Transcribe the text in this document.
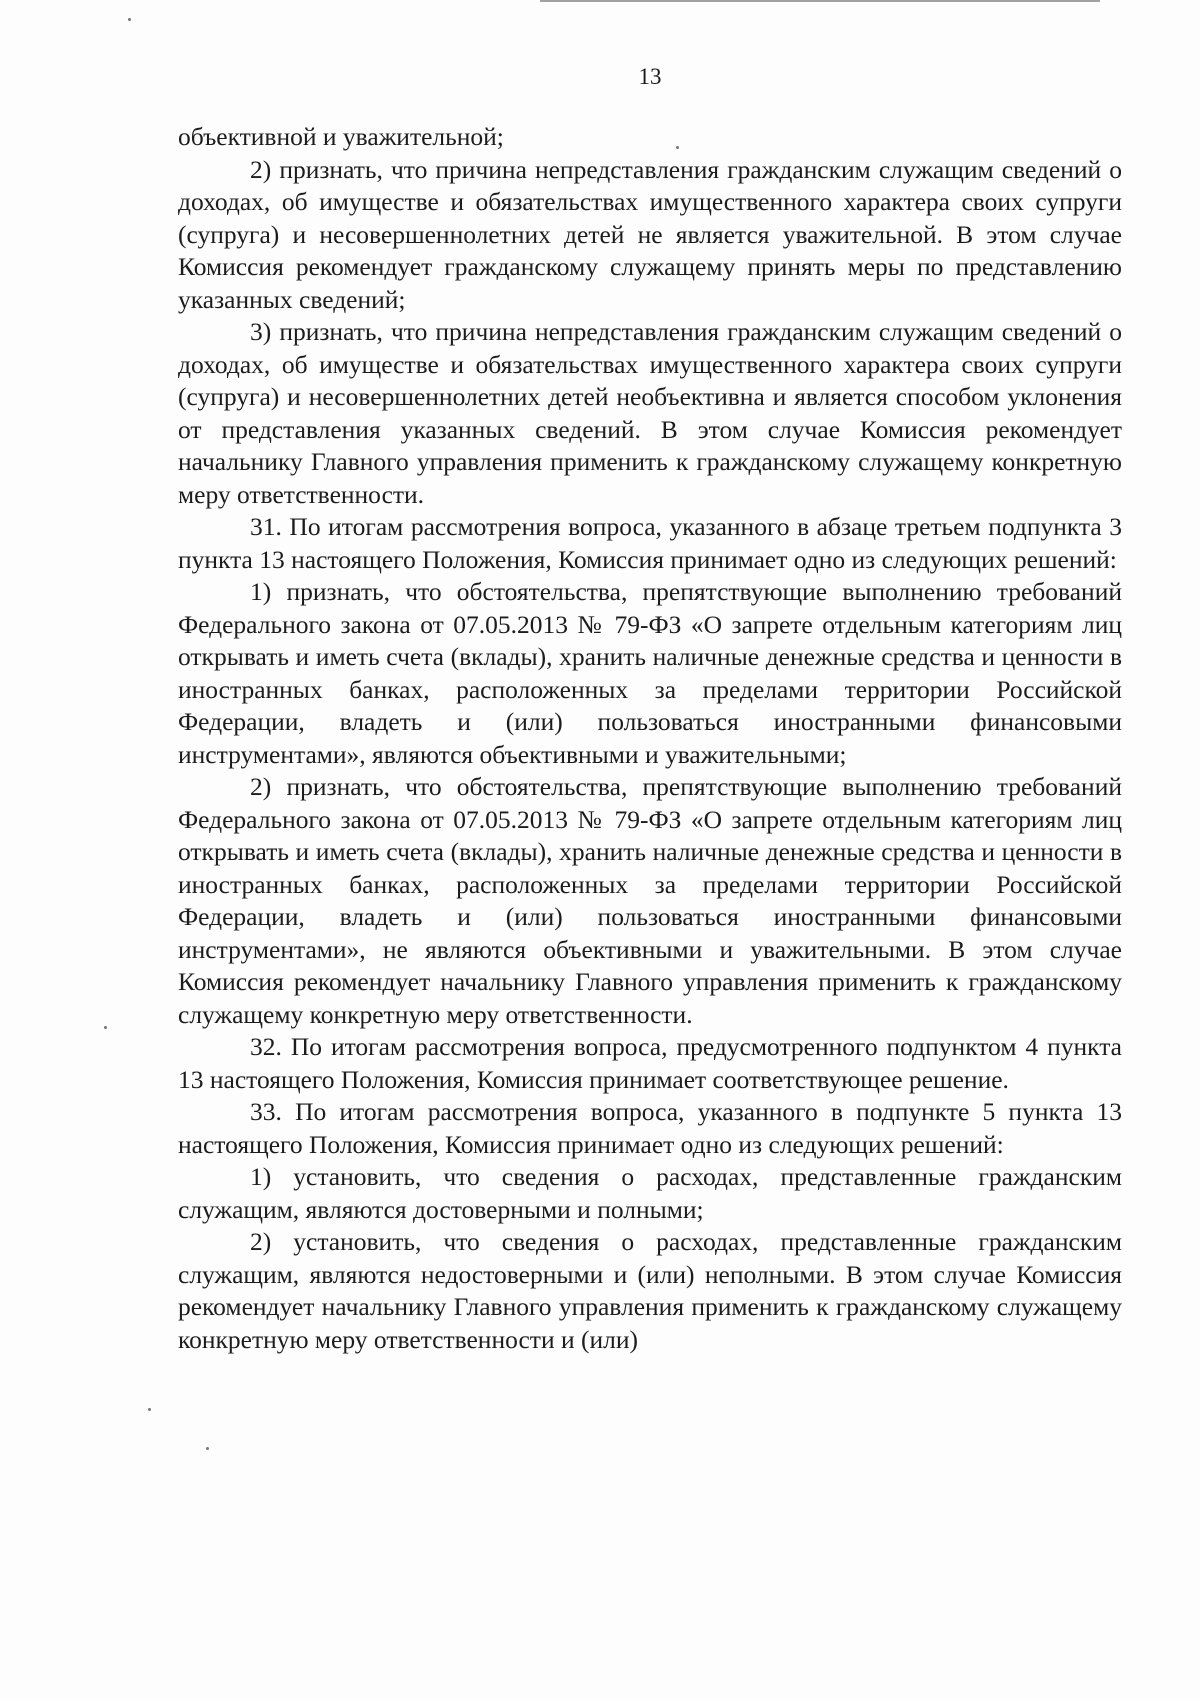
13

объективной и уважительной;

2) признать, что причина непредставления гражданским служащим сведений о доходах, об имуществе и обязательствах имущественного характера своих супруги (супруга) и несовершеннолетних детей не является уважительной. В этом случае Комиссия рекомендует гражданскому служащему принять меры по представлению указанных сведений;

3) признать, что причина непредставления гражданским служащим сведений о доходах, об имуществе и обязательствах имущественного характера своих супруги (супруга) и несовершеннолетних детей необъективна и является способом уклонения от представления указанных сведений. В этом случае Комиссия рекомендует начальнику Главного управления применить к гражданскому служащему конкретную меру ответственности.

31. По итогам рассмотрения вопроса, указанного в абзаце третьем подпункта 3 пункта 13 настоящего Положения, Комиссия принимает одно из следующих решений:

1) признать, что обстоятельства, препятствующие выполнению требований Федерального закона от 07.05.2013 № 79-ФЗ «О запрете отдельным категориям лиц открывать и иметь счета (вклады), хранить наличные денежные средства и ценности в иностранных банках, расположенных за пределами территории Российской Федерации, владеть и (или) пользоваться иностранными финансовыми инструментами», являются объективными и уважительными;

2) признать, что обстоятельства, препятствующие выполнению требований Федерального закона от 07.05.2013 № 79-ФЗ «О запрете отдельным категориям лиц открывать и иметь счета (вклады), хранить наличные денежные средства и ценности в иностранных банках, расположенных за пределами территории Российской Федерации, владеть и (или) пользоваться иностранными финансовыми инструментами», не являются объективными и уважительными. В этом случае Комиссия рекомендует начальнику Главного управления применить к гражданскому служащему конкретную меру ответственности.

32. По итогам рассмотрения вопроса, предусмотренного подпунктом 4 пункта 13 настоящего Положения, Комиссия принимает соответствующее решение.

33. По итогам рассмотрения вопроса, указанного в подпункте 5 пункта 13 настоящего Положения, Комиссия принимает одно из следующих решений:

1) установить, что сведения о расходах, представленные гражданским служащим, являются достоверными и полными;

2) установить, что сведения о расходах, представленные гражданским служащим, являются недостоверными и (или) неполными. В этом случае Комиссия рекомендует начальнику Главного управления применить к гражданскому служащему конкретную меру ответственности и (или)
